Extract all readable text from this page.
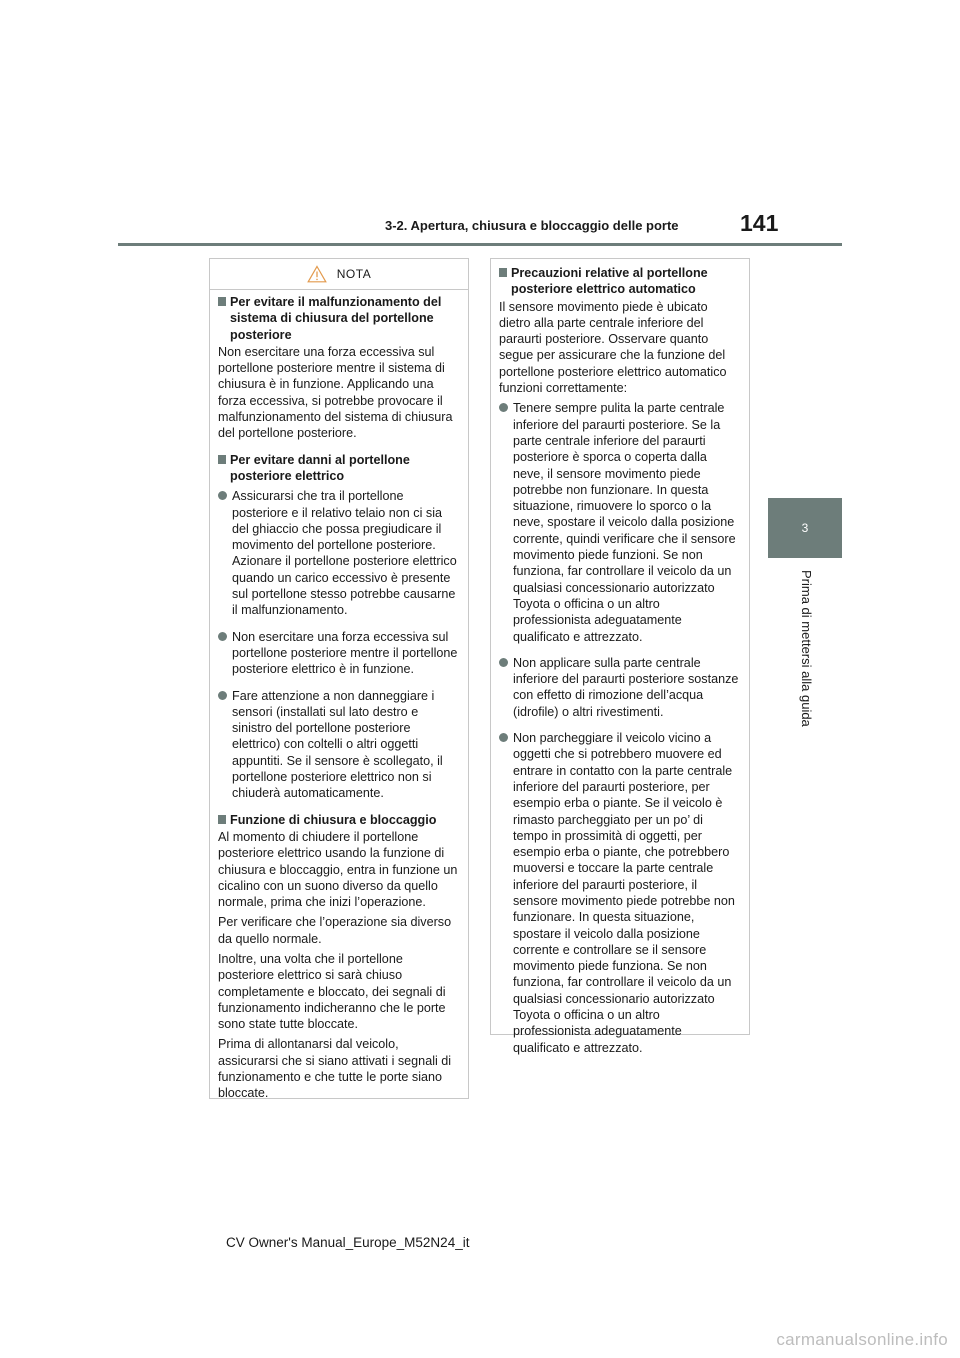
3-2. Apertura, chiusura e bloccaggio delle porte	141
3
Prima di mettersi alla guida
NOTA
Per evitare il malfunzionamento del sistema di chiusura del portellone posteriore
Non esercitare una forza eccessiva sul portellone posteriore mentre il sistema di chiusura è in funzione. Applicando una forza eccessiva, si potrebbe provocare il malfunzionamento del sistema di chiusura del portellone posteriore.
Per evitare danni al portellone posteriore elettrico
Assicurarsi che tra il portellone posteriore e il relativo telaio non ci sia del ghiaccio che possa pregiudicare il movimento del portellone posteriore. Azionare il portellone posteriore elettrico quando un carico eccessivo è presente sul portellone stesso potrebbe causarne il malfunzionamento.
Non esercitare una forza eccessiva sul portellone posteriore mentre il portellone posteriore elettrico è in funzione.
Fare attenzione a non danneggiare i sensori (installati sul lato destro e sinistro del portellone posteriore elettrico) con coltelli o altri oggetti appuntiti. Se il sensore è scollegato, il portellone posteriore elettrico non si chiuderà automaticamente.
Funzione di chiusura e bloccaggio
Al momento di chiudere il portellone posteriore elettrico usando la funzione di chiusura e bloccaggio, entra in funzione un cicalino con un suono diverso da quello normale, prima che inizi l’operazione.
Per verificare che l’operazione sia diverso da quello normale.
Inoltre, una volta che il portellone posteriore elettrico si sarà chiuso completamente e bloccato, dei segnali di funzionamento indicheranno che le porte sono state tutte bloccate.
Prima di allontanarsi dal veicolo, assicurarsi che si siano attivati i segnali di funzionamento e che tutte le porte siano bloccate.
Precauzioni relative al portellone posteriore elettrico automatico
Il sensore movimento piede è ubicato dietro alla parte centrale inferiore del paraurti posteriore. Osservare quanto segue per assicurare che la funzione del portellone posteriore elettrico automatico funzioni correttamente:
Tenere sempre pulita la parte centrale inferiore del paraurti posteriore. Se la parte centrale inferiore del paraurti posteriore è sporca o coperta dalla neve, il sensore movimento piede potrebbe non funzionare. In questa situazione, rimuovere lo sporco o la neve, spostare il veicolo dalla posizione corrente, quindi verificare che il sensore movimento piede funzioni. Se non funziona, far controllare il veicolo da un qualsiasi concessionario autorizzato Toyota o officina o un altro professionista adeguatamente qualificato e attrezzato.
Non applicare sulla parte centrale inferiore del paraurti posteriore sostanze con effetto di rimozione dell’acqua (idrofile) o altri rivestimenti.
Non parcheggiare il veicolo vicino a oggetti che si potrebbero muovere ed entrare in contatto con la parte centrale inferiore del paraurti posteriore, per esempio erba o piante. Se il veicolo è rimasto parcheggiato per un po’ di tempo in prossimità di oggetti, per esempio erba o piante, che potrebbero muoversi e toccare la parte centrale inferiore del paraurti posteriore, il sensore movimento piede potrebbe non funzionare. In questa situazione, spostare il veicolo dalla posizione corrente e controllare se il sensore movimento piede funziona. Se non funziona, far controllare il veicolo da un qualsiasi concessionario autorizzato Toyota o officina o un altro professionista adeguatamente qualificato e attrezzato.
CV Owner's Manual_Europe_M52N24_it
carmanualsonline.info
